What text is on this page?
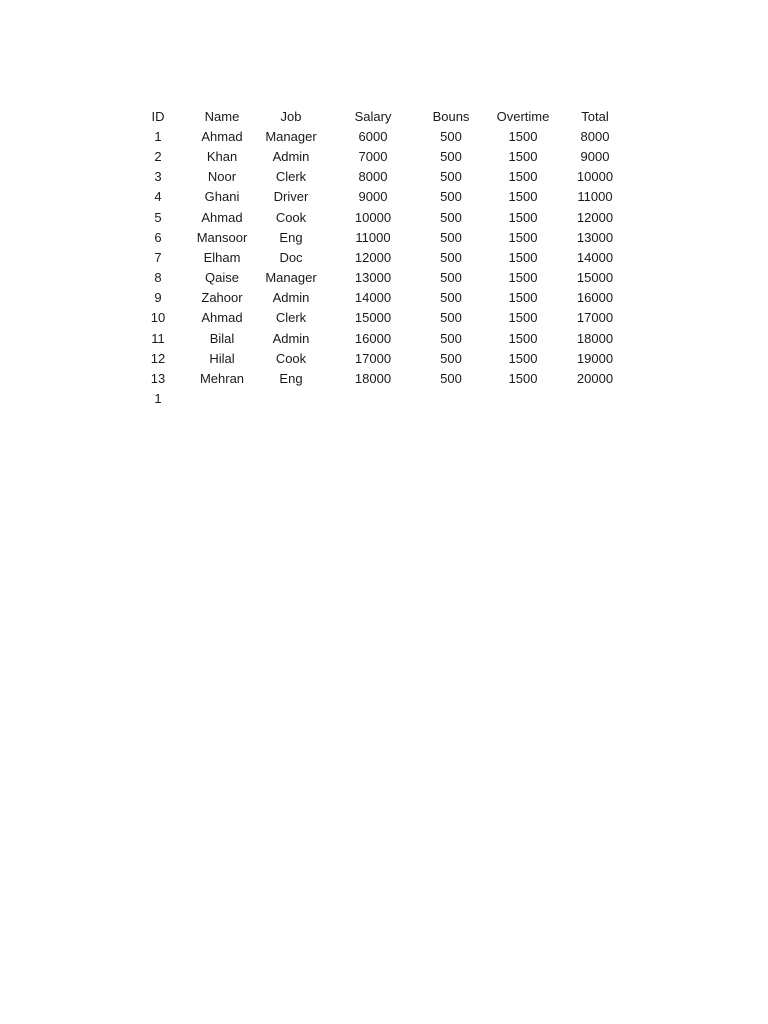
ID	Name	Job	Salary	Bouns	Overtime	Total
1	Ahmad	Manager	6000	500	1500	8000
2	Khan	Admin	7000	500	1500	9000
3	Noor	Clerk	8000	500	1500	10000
4	Ghani	Driver	9000	500	1500	11000
5	Ahmad	Cook	10000	500	1500	12000
6	Mansoor	Eng	11000	500	1500	13000
7	Elham	Doc	12000	500	1500	14000
8	Qaise	Manager	13000	500	1500	15000
9	Zahoor	Admin	14000	500	1500	16000
10	Ahmad	Clerk	15000	500	1500	17000
11	Bilal	Admin	16000	500	1500	18000
12	Hilal	Cook	17000	500	1500	19000
13	Mehran	Eng	18000	500	1500	20000
1						
